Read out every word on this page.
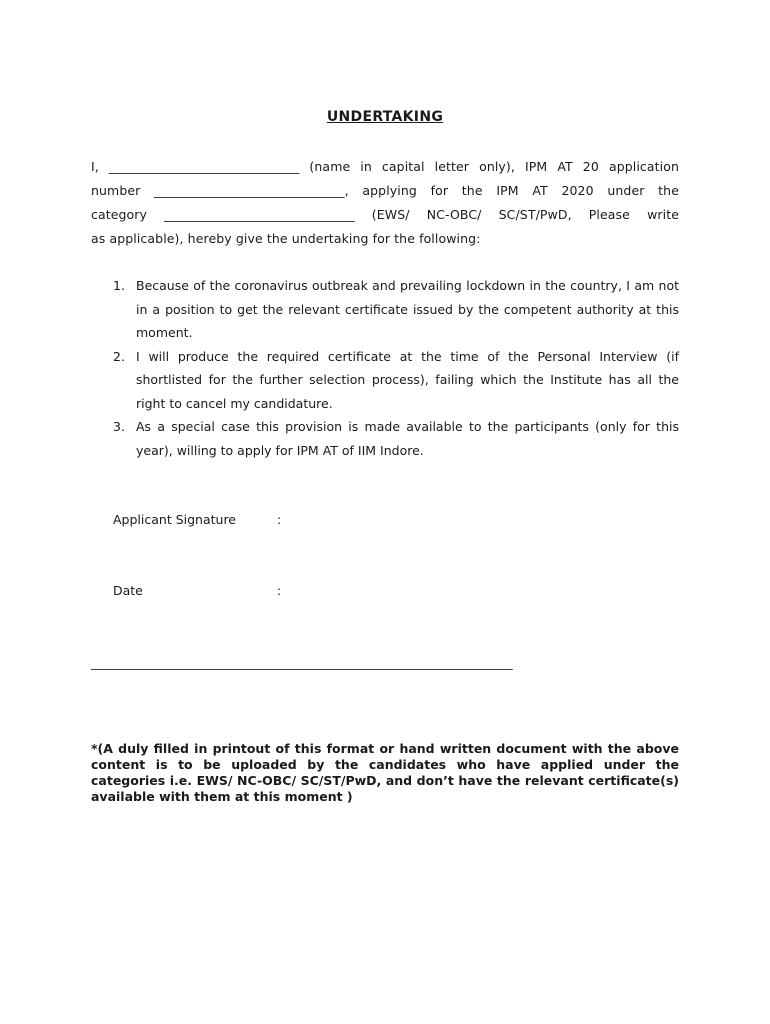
UNDERTAKING
I, ______________________________ (name in capital letter only), IPM AT 20 application
number ______________________________, applying for the IPM AT 2020 under the
category ______________________________ (EWS/ NC-OBC/ SC/ST/PwD, Please write
as applicable), hereby give the undertaking for the following:
1. Because of the coronavirus outbreak and prevailing lockdown in the country, I am not in a position to get the relevant certificate issued by the competent authority at this moment.
2. I will produce the required certificate at the time of the Personal Interview (if shortlisted for the further selection process), failing which the Institute has all the right to cancel my candidature.
3. As a special case this provision is made available to the participants (only for this year), willing to apply for IPM AT of IIM Indore.
Applicant Signature	:
Date	:
________________________________________________________________________
*(A duly filled in printout of this format or hand written document with the above content is to be uploaded by the candidates who have applied under the categories i.e. EWS/ NC-OBC/ SC/ST/PwD, and don’t have the relevant certificate(s) available with them at this moment )
